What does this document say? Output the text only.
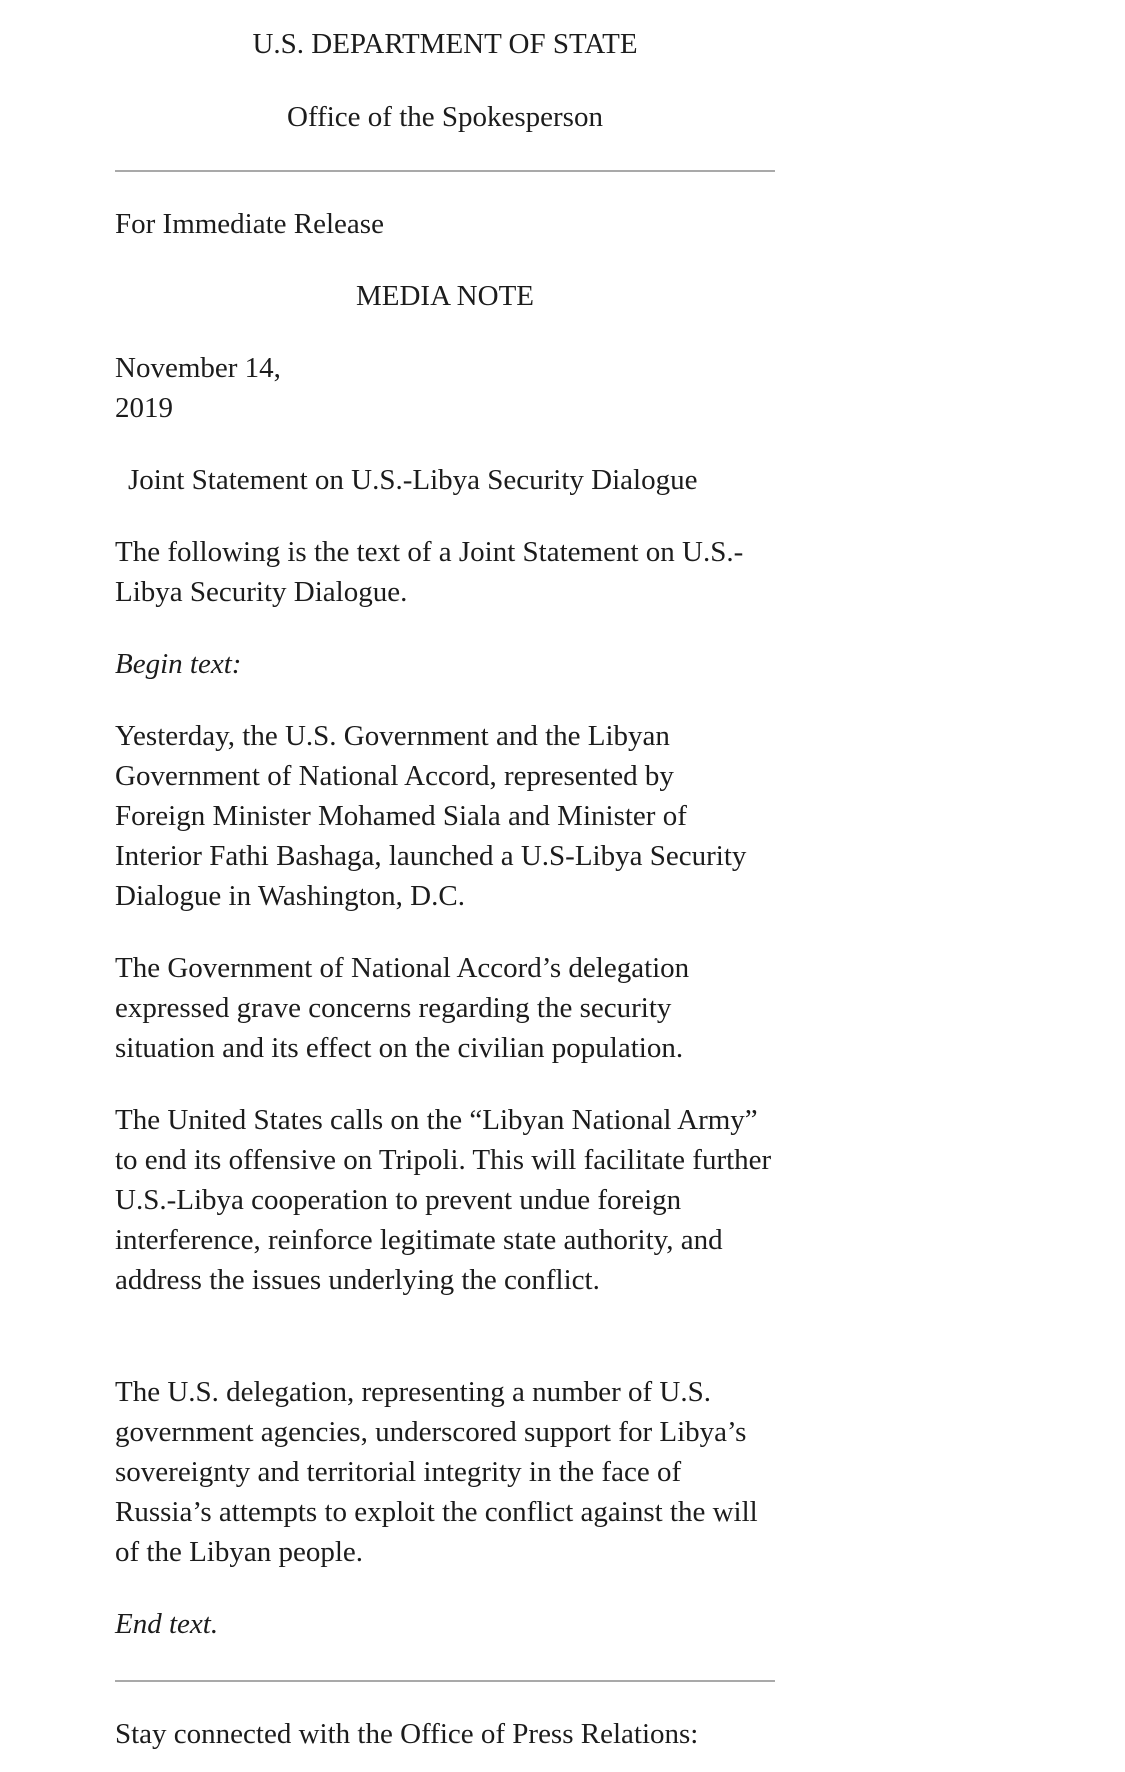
U.S. DEPARTMENT OF STATE

Office of the Spokesperson

For Immediate Release

MEDIA NOTE

November 14,

2019

Joint Statement on U.S.-Libya Security Dialogue

The following is the text of a Joint Statement on U.S.-Libya Security Dialogue.

Begin text:

Yesterday, the U.S. Government and the Libyan Government of National Accord, represented by Foreign Minister Mohamed Siala and Minister of Interior Fathi Bashaga, launched a U.S-Libya Security Dialogue in Washington, D.C.

The Government of National Accord’s delegation expressed grave concerns regarding the security situation and its effect on the civilian population.

The United States calls on the “Libyan National Army” to end its offensive on Tripoli. This will facilitate further U.S.-Libya cooperation to prevent undue foreign interference, reinforce legitimate state authority, and address the issues underlying the conflict.

The U.S. delegation, representing a number of U.S. government agencies, underscored support for Libya’s sovereignty and territorial integrity in the face of Russia’s attempts to exploit the conflict against the will of the Libyan people.

End text.

Stay connected with the Office of Press Relations:
